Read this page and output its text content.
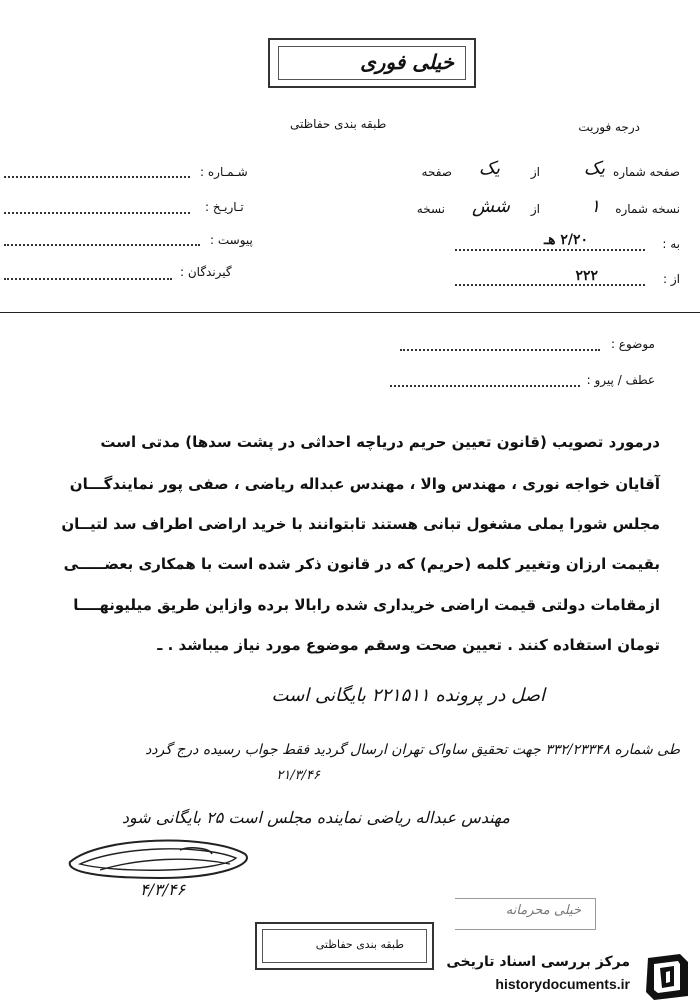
خیلی فوری
طبقه بندی حفاظتی	درجه فوریت
شـمـاره :
تـاریـخ :
پیوست :
گیرندگان :
صفحه شماره
یک
از
یک
صفحه
نسخه شماره
۱
از
شش
نسخه
به :
۲/۲۰ هـ
از :
۲۲۲
موضوع :
عطف / پیرو :
درمورد تصویب (قانون تعیین حریم دریاچه احداثی در پشت سدها) مدتی است
آقایان خواجه نوری ، مهندس والا ، مهندس عبداله ریاضی ، صفی پور نمایندگـــان
مجلس شورا یملی مشغول تبانی هستند تابتوانند با خرید اراضی اطراف سد لتیــان
بقیمت ارزان وتغییر کلمه (حریم) که در قانون ذکر شده است با همکاری بعضـــــی
ازمقامات دولتی قیمت اراضی خریداری شده رابالا برده وازاین طریق میلیونهــــا
تومان استفاده کنند . تعیین صحت وسقم موضوع مورد نیاز میباشد . ـ
اصل در پرونده ۲۲۱۵۱۱ بایگانی است
طی شماره ۳۳۲/۲۳۳۴۸ جهت تحقیق ساواک تهران ارسال گردید فقط جواب رسیده درج گردد
۲۱/۳/۴۶
مهندس عبداله ریاضی نماینده مجلس است ۲۵ بایگانی شود
۴/۳/۴۶
خیلی محرمانه
طبقه بندی حفاظتی
مرکز بررسی اسناد تاریخی
historydocuments.ir
